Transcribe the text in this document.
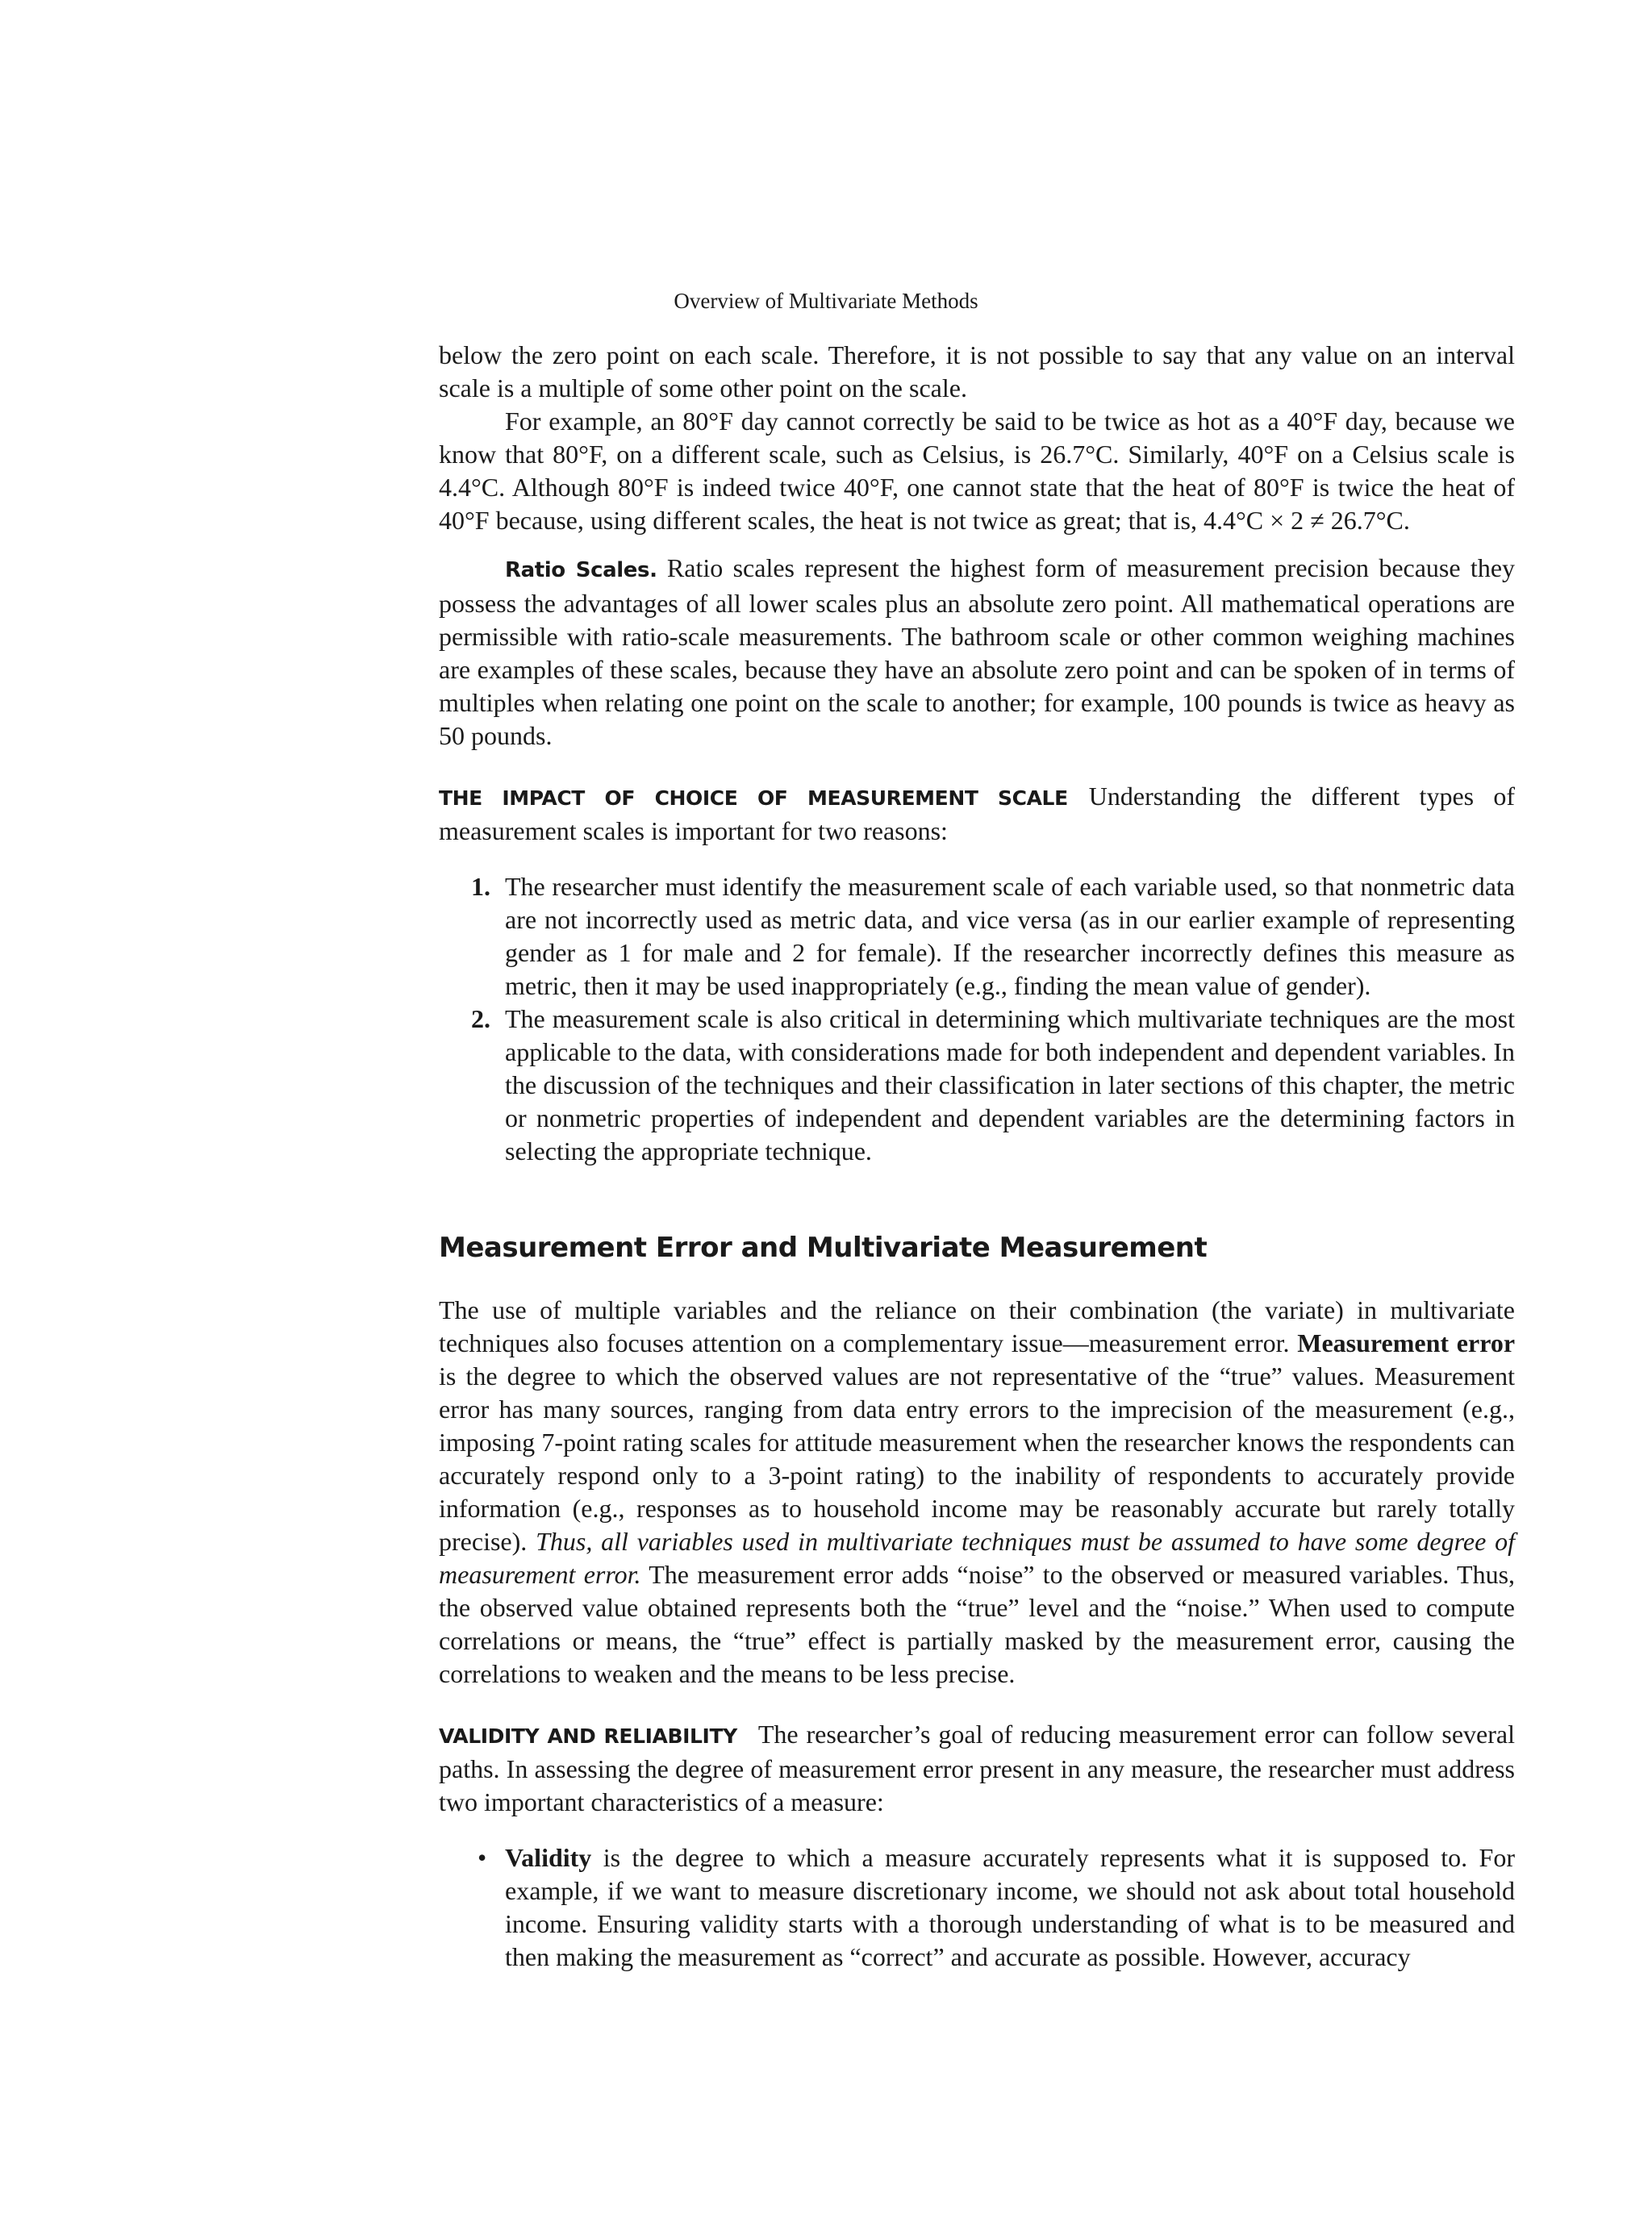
Overview of Multivariate Methods

below the zero point on each scale. Therefore, it is not possible to say that any value on an interval scale is a multiple of some other point on the scale.

For example, an 80°F day cannot correctly be said to be twice as hot as a 40°F day, because we know that 80°F, on a different scale, such as Celsius, is 26.7°C. Similarly, 40°F on a Celsius scale is 4.4°C. Although 80°F is indeed twice 40°F, one cannot state that the heat of 80°F is twice the heat of 40°F because, using different scales, the heat is not twice as great; that is, 4.4°C × 2 ≠ 26.7°C.

Ratio Scales. Ratio scales represent the highest form of measurement precision because they possess the advantages of all lower scales plus an absolute zero point. All mathematical operations are permissible with ratio-scale measurements. The bathroom scale or other common weighing machines are examples of these scales, because they have an absolute zero point and can be spoken of in terms of multiples when relating one point on the scale to another; for example, 100 pounds is twice as heavy as 50 pounds.

THE IMPACT OF CHOICE OF MEASUREMENT SCALE Understanding the different types of measurement scales is important for two reasons:

1. The researcher must identify the measurement scale of each variable used, so that nonmetric data are not incorrectly used as metric data, and vice versa (as in our earlier example of representing gender as 1 for male and 2 for female). If the researcher incorrectly defines this measure as metric, then it may be used inappropriately (e.g., finding the mean value of gender).
2. The measurement scale is also critical in determining which multivariate techniques are the most applicable to the data, with considerations made for both independent and dependent variables. In the discussion of the techniques and their classification in later sections of this chapter, the metric or nonmetric properties of independent and dependent variables are the determining factors in selecting the appropriate technique.
Measurement Error and Multivariate Measurement

The use of multiple variables and the reliance on their combination (the variate) in multivariate techniques also focuses attention on a complementary issue—measurement error. Measurement error is the degree to which the observed values are not representative of the “true” values. Measurement error has many sources, ranging from data entry errors to the imprecision of the measurement (e.g., imposing 7-point rating scales for attitude measurement when the researcher knows the respondents can accurately respond only to a 3-point rating) to the inability of respondents to accurately provide information (e.g., responses as to household income may be reasonably accurate but rarely totally precise). Thus, all variables used in multivariate techniques must be assumed to have some degree of measurement error. The measurement error adds “noise” to the observed or measured variables. Thus, the observed value obtained represents both the “true” level and the “noise.” When used to compute correlations or means, the “true” effect is partially masked by the measurement error, causing the correlations to weaken and the means to be less precise.

VALIDITY AND RELIABILITY The researcher’s goal of reducing measurement error can follow several paths. In assessing the degree of measurement error present in any measure, the researcher must address two important characteristics of a measure:

• Validity is the degree to which a measure accurately represents what it is supposed to. For example, if we want to measure discretionary income, we should not ask about total household income. Ensuring validity starts with a thorough understanding of what is to be measured and then making the measurement as “correct” and accurate as possible. However, accuracy
